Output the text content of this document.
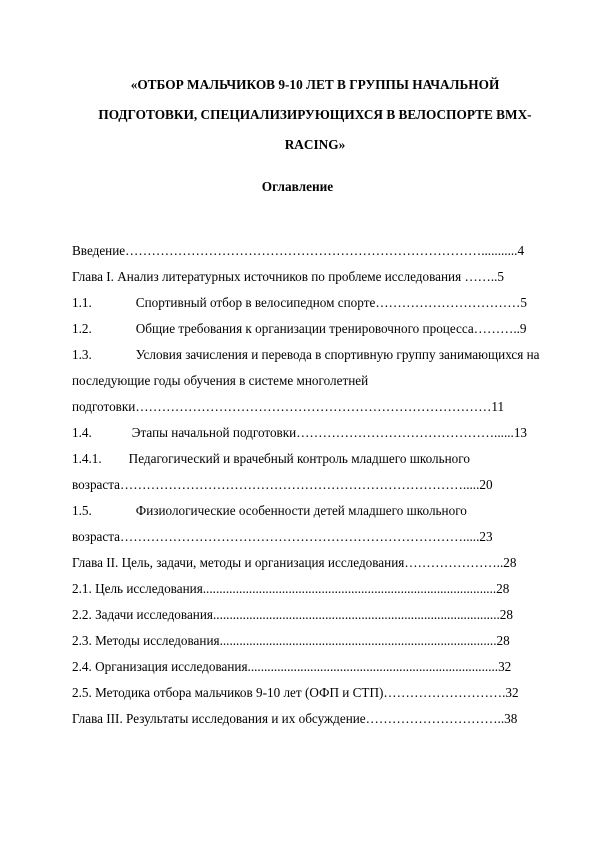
«ОТБОР МАЛЬЧИКОВ 9-10 ЛЕТ В ГРУППЫ НАЧАЛЬНОЙ
ПОДГОТОВКИ, СПЕЦИАЛИЗИРУЮЩИХСЯ В ВЕЛОСПОРТЕ ВМХ-
RACING»
Оглавление
Введение………………………………………………………………………...........4
Глава I. Анализ литературных источников по проблеме исследования ……..5
1.1.	Спортивный отбор в велосипедном спорте……………………………5
1.2.	Общие требования к организации тренировочного процесса………..9
1.3.	Условия зачисления и перевода в спортивную группу занимающихся на
последующие годы обучения в системе многолетней
подготовки………………………………………………………………………11
1.4.	Этапы начальной подготовки………………………………………......13
1.4.1. Педагогический и врачебный контроль младшего школьного
возраста…………………………………………………………………….....20
1.5.	Физиологические особенности детей младшего школьного
возраста…………………………………………………………………….....23
Глава II. Цель, задачи, методы и организация исследования…………………..28
2.1. Цель исследования.........................................................................................28
2.2. Задачи исследования.......................................................................................28
2.3. Методы исследования....................................................................................28
2.4. Организация исследования............................................................................32
2.5. Методика отбора мальчиков 9-10 лет (ОФП и СТП)……………………….32
Глава III. Результаты исследования и их обсуждение…………………………..38
